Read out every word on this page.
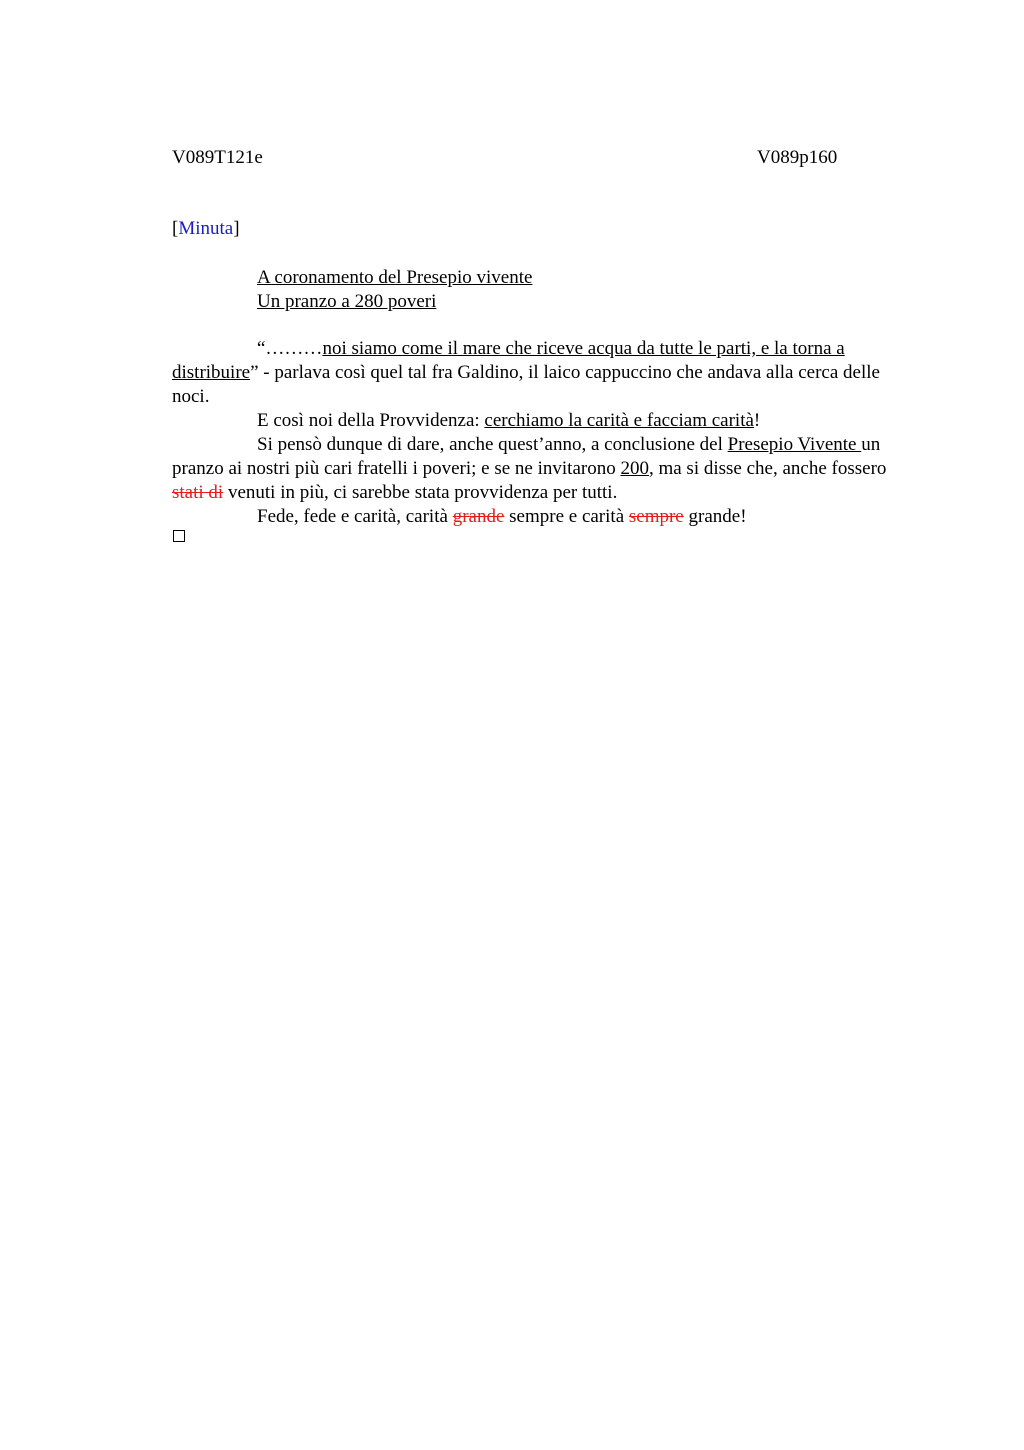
V089T121e	V089p160
[Minuta]
A coronamento del Presepio vivente
Un pranzo a 280 poveri

“………noi siamo come il mare che riceve acqua da tutte le parti, e la torna a distribuire” - parlava così quel tal fra Galdino, il laico cappuccino che andava alla cerca delle noci.

E così noi della Provvidenza: cerchiamo la carità e facciam carità!

Si pensò dunque di dare, anche quest’anno, a conclusione del Presepio Vivente un pranzo ai nostri più cari fratelli i poveri; e se ne invitarono 200, ma si disse che, anche fossero stati di venuti in più, ci sarebbe stata provvidenza per tutti.

Fede, fede e carità, carità grande sempre e carità sempre grande!
